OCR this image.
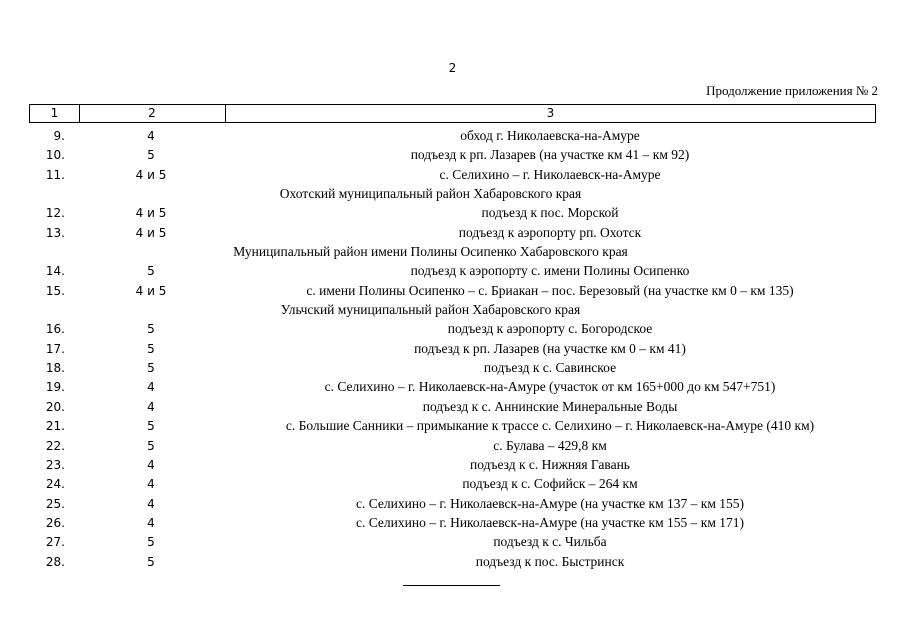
2
Продолжение приложения № 2
1	2	3
9.	4	обход г. Николаевска-на-Амуре
10.	5	подъезд к рп. Лазарев (на участке км 41 – км 92)
11.	4 и 5	с. Селихино – г. Николаевск-на-Амуре
Охотский муниципальный район Хабаровского края
12.	4 и 5	подъезд к пос. Морской
13.	4 и 5	подъезд к аэропорту рп. Охотск
Муниципальный район имени Полины Осипенко Хабаровского края
14.	5	подъезд к аэропорту с. имени Полины Осипенко
15.	4 и 5	с. имени Полины Осипенко – с. Бриакан – пос. Березовый (на участке км 0 – км 135)
Ульчский муниципальный район Хабаровского края
16.	5	подъезд к аэропорту с. Богородское
17.	5	подъезд к рп. Лазарев (на участке км 0 – км 41)
18.	5	подъезд к с. Савинское
19.	4	с. Селихино – г. Николаевск-на-Амуре (участок от км 165+000 до км 547+751)
20.	4	подъезд к с. Аннинские Минеральные Воды
21.	5	с. Большие Санники – примыкание к трассе с. Селихино – г. Николаевск-на-Амуре (410 км)
22.	5	с. Булава – 429,8 км
23.	4	подъезд к с. Нижняя Гавань
24.	4	подъезд к с. Софийск – 264 км
25.	4	с. Селихино – г. Николаевск-на-Амуре (на участке км 137 – км 155)
26.	4	с. Селихино – г. Николаевск-на-Амуре (на участке км 155 – км 171)
27.	5	подъезд к с. Чильба
28.	5	подъезд к пос. Быстринск
